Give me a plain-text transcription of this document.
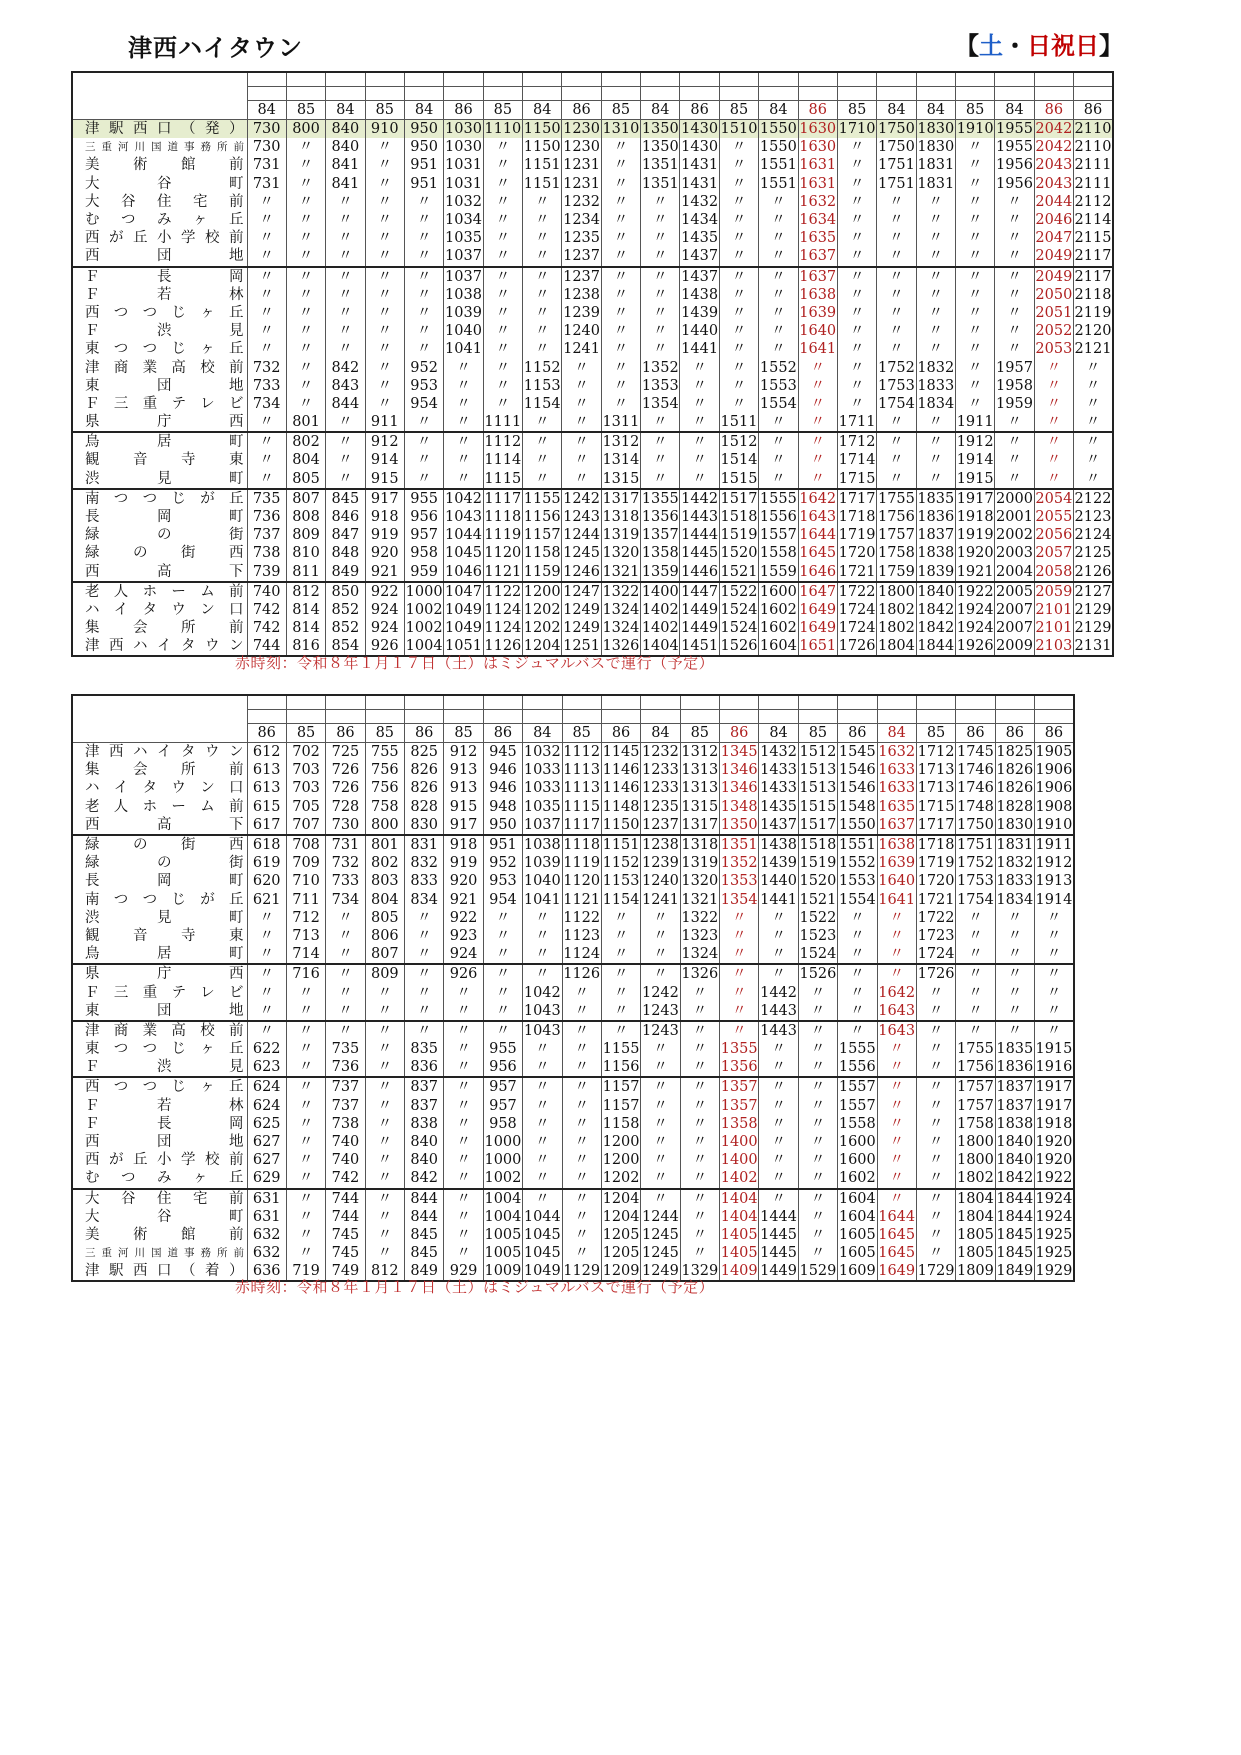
津西ハイタウン	【土・日祝日】

	84	85	84	85	84	86	85	84	86	85	84	86	85	84	86	85	84	84	85	84	86	86
津駅西口（発）	730	800	840	910	950	1030	1110	1150	1230	1310	1350	1430	1510	1550	1630	1710	1750	1830	1910	1955	2042	2110
三重河川国道事務所前	730	〃	840	〃	950	1030	〃	1150	1230	〃	1350	1430	〃	1550	1630	〃	1750	1830	〃	1955	2042	2110
美術館前	731	〃	841	〃	951	1031	〃	1151	1231	〃	1351	1431	〃	1551	1631	〃	1751	1831	〃	1956	2043	2111
大谷町	731	〃	841	〃	951	1031	〃	1151	1231	〃	1351	1431	〃	1551	1631	〃	1751	1831	〃	1956	2043	2111
大谷住宅前	〃	〃	〃	〃	〃	1032	〃	〃	1232	〃	〃	1432	〃	〃	1632	〃	〃	〃	〃	〃	2044	2112
むつみヶ丘	〃	〃	〃	〃	〃	1034	〃	〃	1234	〃	〃	1434	〃	〃	1634	〃	〃	〃	〃	〃	2046	2114
西が丘小学校前	〃	〃	〃	〃	〃	1035	〃	〃	1235	〃	〃	1435	〃	〃	1635	〃	〃	〃	〃	〃	2047	2115
西団地	〃	〃	〃	〃	〃	1037	〃	〃	1237	〃	〃	1437	〃	〃	1637	〃	〃	〃	〃	〃	2049	2117
Ｆ長岡	〃	〃	〃	〃	〃	1037	〃	〃	1237	〃	〃	1437	〃	〃	1637	〃	〃	〃	〃	〃	2049	2117
Ｆ若林	〃	〃	〃	〃	〃	1038	〃	〃	1238	〃	〃	1438	〃	〃	1638	〃	〃	〃	〃	〃	2050	2118
西つつじヶ丘	〃	〃	〃	〃	〃	1039	〃	〃	1239	〃	〃	1439	〃	〃	1639	〃	〃	〃	〃	〃	2051	2119
Ｆ渋見	〃	〃	〃	〃	〃	1040	〃	〃	1240	〃	〃	1440	〃	〃	1640	〃	〃	〃	〃	〃	2052	2120
東つつじヶ丘	〃	〃	〃	〃	〃	1041	〃	〃	1241	〃	〃	1441	〃	〃	1641	〃	〃	〃	〃	〃	2053	2121
津商業高校前	732	〃	842	〃	952	〃	〃	1152	〃	〃	1352	〃	〃	1552	〃	〃	1752	1832	〃	1957	〃	〃
東団地	733	〃	843	〃	953	〃	〃	1153	〃	〃	1353	〃	〃	1553	〃	〃	1753	1833	〃	1958	〃	〃
Ｆ三重テレビ	734	〃	844	〃	954	〃	〃	1154	〃	〃	1354	〃	〃	1554	〃	〃	1754	1834	〃	1959	〃	〃
県庁西	〃	801	〃	911	〃	〃	1111	〃	〃	1311	〃	〃	1511	〃	〃	1711	〃	〃	1911	〃	〃	〃
鳥居町	〃	802	〃	912	〃	〃	1112	〃	〃	1312	〃	〃	1512	〃	〃	1712	〃	〃	1912	〃	〃	〃
観音寺東	〃	804	〃	914	〃	〃	1114	〃	〃	1314	〃	〃	1514	〃	〃	1714	〃	〃	1914	〃	〃	〃
渋見町	〃	805	〃	915	〃	〃	1115	〃	〃	1315	〃	〃	1515	〃	〃	1715	〃	〃	1915	〃	〃	〃
南つつじが丘	735	807	845	917	955	1042	1117	1155	1242	1317	1355	1442	1517	1555	1642	1717	1755	1835	1917	2000	2054	2122
長岡町	736	808	846	918	956	1043	1118	1156	1243	1318	1356	1443	1518	1556	1643	1718	1756	1836	1918	2001	2055	2123
緑の街	737	809	847	919	957	1044	1119	1157	1244	1319	1357	1444	1519	1557	1644	1719	1757	1837	1919	2002	2056	2124
緑の街西	738	810	848	920	958	1045	1120	1158	1245	1320	1358	1445	1520	1558	1645	1720	1758	1838	1920	2003	2057	2125
西高下	739	811	849	921	959	1046	1121	1159	1246	1321	1359	1446	1521	1559	1646	1721	1759	1839	1921	2004	2058	2126
老人ホーム前	740	812	850	922	1000	1047	1122	1200	1247	1322	1400	1447	1522	1600	1647	1722	1800	1840	1922	2005	2059	2127
ハイタウン口	742	814	852	924	1002	1049	1124	1202	1249	1324	1402	1449	1524	1602	1649	1724	1802	1842	1924	2007	2101	2129
集会所前	742	814	852	924	1002	1049	1124	1202	1249	1324	1402	1449	1524	1602	1649	1724	1802	1842	1924	2007	2101	2129
津西ハイタウン	744	816	854	926	1004	1051	1126	1204	1251	1326	1404	1451	1526	1604	1651	1726	1804	1844	1926	2009	2103	2131
赤時刻：令和８年１月１７日（土）はミジュマルバスで運行（予定）

	86	85	86	85	86	85	86	84	85	86	84	85	86	84	85	86	84	85	86	86	86
津西ハイタウン	612	702	725	755	825	912	945	1032	1112	1145	1232	1312	1345	1432	1512	1545	1632	1712	1745	1825	1905
集会所前	613	703	726	756	826	913	946	1033	1113	1146	1233	1313	1346	1433	1513	1546	1633	1713	1746	1826	1906
ハイタウン口	613	703	726	756	826	913	946	1033	1113	1146	1233	1313	1346	1433	1513	1546	1633	1713	1746	1826	1906
老人ホーム前	615	705	728	758	828	915	948	1035	1115	1148	1235	1315	1348	1435	1515	1548	1635	1715	1748	1828	1908
西高下	617	707	730	800	830	917	950	1037	1117	1150	1237	1317	1350	1437	1517	1550	1637	1717	1750	1830	1910
緑の街西	618	708	731	801	831	918	951	1038	1118	1151	1238	1318	1351	1438	1518	1551	1638	1718	1751	1831	1911
緑の街	619	709	732	802	832	919	952	1039	1119	1152	1239	1319	1352	1439	1519	1552	1639	1719	1752	1832	1912
長岡町	620	710	733	803	833	920	953	1040	1120	1153	1240	1320	1353	1440	1520	1553	1640	1720	1753	1833	1913
南つつじが丘	621	711	734	804	834	921	954	1041	1121	1154	1241	1321	1354	1441	1521	1554	1641	1721	1754	1834	1914
渋見町	〃	712	〃	805	〃	922	〃	〃	1122	〃	〃	1322	〃	〃	1522	〃	〃	1722	〃	〃	〃
観音寺東	〃	713	〃	806	〃	923	〃	〃	1123	〃	〃	1323	〃	〃	1523	〃	〃	1723	〃	〃	〃
鳥居町	〃	714	〃	807	〃	924	〃	〃	1124	〃	〃	1324	〃	〃	1524	〃	〃	1724	〃	〃	〃
県庁西	〃	716	〃	809	〃	926	〃	〃	1126	〃	〃	1326	〃	〃	1526	〃	〃	1726	〃	〃	〃
Ｆ三重テレビ	〃	〃	〃	〃	〃	〃	〃	1042	〃	〃	1242	〃	〃	1442	〃	〃	1642	〃	〃	〃	〃
東団地	〃	〃	〃	〃	〃	〃	〃	1043	〃	〃	1243	〃	〃	1443	〃	〃	1643	〃	〃	〃	〃
津商業高校前	〃	〃	〃	〃	〃	〃	〃	1043	〃	〃	1243	〃	〃	1443	〃	〃	1643	〃	〃	〃	〃
東つつじヶ丘	622	〃	735	〃	835	〃	955	〃	〃	1155	〃	〃	1355	〃	〃	1555	〃	〃	1755	1835	1915
Ｆ渋見	623	〃	736	〃	836	〃	956	〃	〃	1156	〃	〃	1356	〃	〃	1556	〃	〃	1756	1836	1916
西つつじヶ丘	624	〃	737	〃	837	〃	957	〃	〃	1157	〃	〃	1357	〃	〃	1557	〃	〃	1757	1837	1917
Ｆ若林	624	〃	737	〃	837	〃	957	〃	〃	1157	〃	〃	1357	〃	〃	1557	〃	〃	1757	1837	1917
Ｆ長岡	625	〃	738	〃	838	〃	958	〃	〃	1158	〃	〃	1358	〃	〃	1558	〃	〃	1758	1838	1918
西団地	627	〃	740	〃	840	〃	1000	〃	〃	1200	〃	〃	1400	〃	〃	1600	〃	〃	1800	1840	1920
西が丘小学校前	627	〃	740	〃	840	〃	1000	〃	〃	1200	〃	〃	1400	〃	〃	1600	〃	〃	1800	1840	1920
むつみヶ丘	629	〃	742	〃	842	〃	1002	〃	〃	1202	〃	〃	1402	〃	〃	1602	〃	〃	1802	1842	1922
大谷住宅前	631	〃	744	〃	844	〃	1004	〃	〃	1204	〃	〃	1404	〃	〃	1604	〃	〃	1804	1844	1924
大谷町	631	〃	744	〃	844	〃	1004	1044	〃	1204	1244	〃	1404	1444	〃	1604	1644	〃	1804	1844	1924
美術館前	632	〃	745	〃	845	〃	1005	1045	〃	1205	1245	〃	1405	1445	〃	1605	1645	〃	1805	1845	1925
三重河川国道事務所前	632	〃	745	〃	845	〃	1005	1045	〃	1205	1245	〃	1405	1445	〃	1605	1645	〃	1805	1845	1925
津駅西口（着）	636	719	749	812	849	929	1009	1049	1129	1209	1249	1329	1409	1449	1529	1609	1649	1729	1809	1849	1929
赤時刻：令和８年１月１７日（土）はミジュマルバスで運行（予定）
